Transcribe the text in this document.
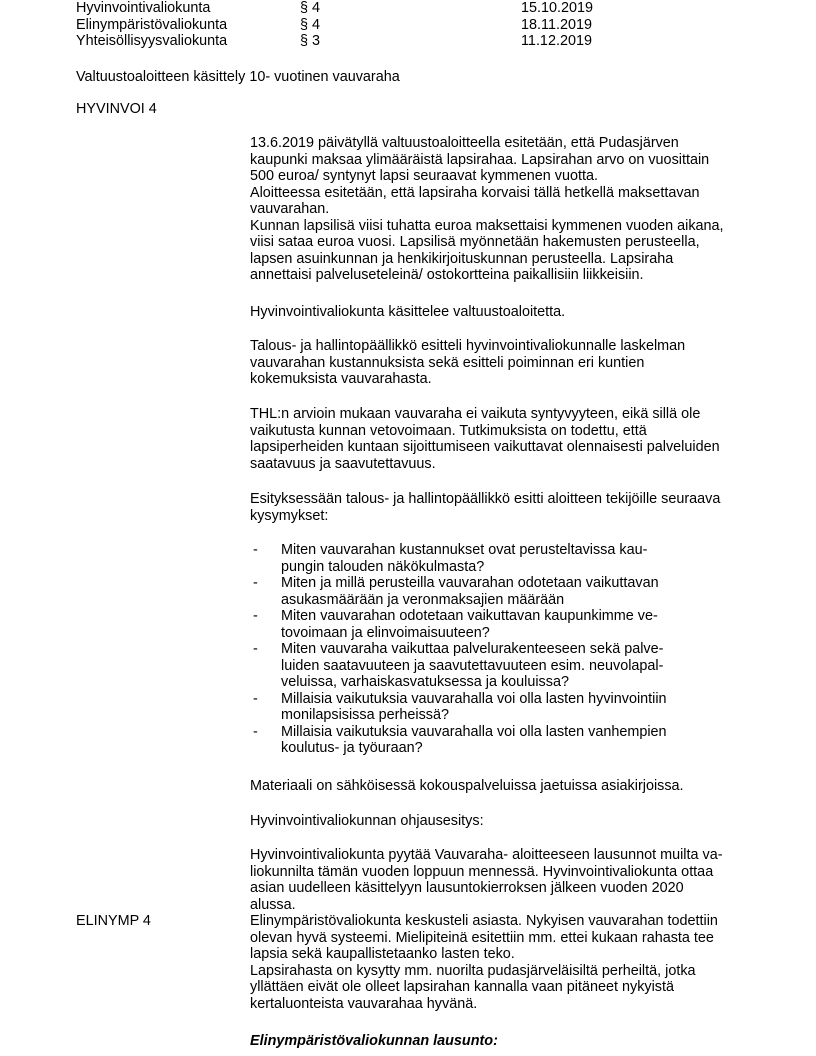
Hyvinvointivaliokunta	§ 4	15.10.2019
Elinympäristövaliokunta	§ 4	18.11.2019
Yhteisöllisyysvaliokunta	§ 3	11.12.2019
Valtuustoaloitteen käsittely 10- vuotinen vauvaraha
HYVINVOI 4
13.6.2019 päivätyllä valtuustoaloitteella esitetään, että Pudasjärven
kaupunki maksaa ylimääräistä lapsirahaa. Lapsirahan arvo on vuosittain
500 euroa/ syntynyt lapsi seuraavat kymmenen vuotta.
Aloitteessa esitetään, että lapsiraha korvaisi tällä hetkellä maksettavan
vauvarahan.
Kunnan lapsilisä viisi tuhatta euroa maksettaisi kymmenen vuoden aikana,
viisi sataa euroa vuosi. Lapsilisä myönnetään hakemusten perusteella,
lapsen asuinkunnan ja henkikirjoituskunnan perusteella. Lapsiraha
annettaisi palveluseteleinä/ ostokortteina paikallisiin liikkeisiin.
Hyvinvointivaliokunta käsittelee valtuustoaloitetta.
Talous- ja hallintopäällikkö esitteli hyvinvointivaliokunnalle laskelman
vauvarahan kustannuksista sekä esitteli poiminnan eri kuntien
kokemuksista vauvarahasta.
THL:n arvioin mukaan vauvaraha ei vaikuta syntyvyyteen, eikä sillä ole
vaikutusta kunnan vetovoimaan. Tutkimuksista on todettu, että
lapsiperheiden kuntaan sijoittumiseen vaikuttavat olennaisesti palveluiden
saatavuus ja saavutettavuus.
Esityksessään talous- ja hallintopäällikkö esitti aloitteen tekijöille seuraava
kysymykset:
- Miten vauvarahan kustannukset ovat perusteltavissa kau-
pungin talouden näkökulmasta?
- Miten ja millä perusteilla vauvarahan odotetaan vaikuttavan
asukasmäärään ja veronmaksajien määrään
- Miten vauvarahan odotetaan vaikuttavan kaupunkimme ve-
tovoimaan ja elinvoimaisuuteen?
- Miten vauvaraha vaikuttaa palvelurakenteeseen sekä palve-
luiden saatavuuteen ja saavutettavuuteen esim. neuvolapal-
veluissa, varhaiskasvatuksessa ja kouluissa?
- Millaisia vaikutuksia vauvarahalla voi olla lasten hyvinvointiin
monilapsisissa perheissä?
- Millaisia vaikutuksia vauvarahalla voi olla lasten vanhempien
koulutus- ja työuraan?
Materiaali on sähköisessä kokouspalveluissa jaetuissa asiakirjoissa.
Hyvinvointivaliokunnan ohjausesitys:
Hyvinvointivaliokunta pyytää Vauvaraha- aloitteeseen lausunnot muilta va-
liokunnilta tämän vuoden loppuun mennessä. Hyvinvointivaliokunta ottaa
asian uudelleen käsittelyyn lausuntokierroksen jälkeen vuoden 2020
alussa.
ELINYMP 4	Elinympäristövaliokunta keskusteli asiasta. Nykyisen vauvarahan todettiin
olevan hyvä systeemi. Mielipiteinä esitettiin mm. ettei kukaan rahasta tee
lapsia sekä kaupallistetaanko lasten teko.
Lapsirahasta on kysytty mm. nuorilta pudasjärveläisiltä perheiltä, jotka
yllättäen eivät ole olleet lapsirahan kannalla vaan pitäneet nykyistä
kertaluonteista vauvarahaa hyvänä.
Elinympäristövaliokunnan lausunto:
